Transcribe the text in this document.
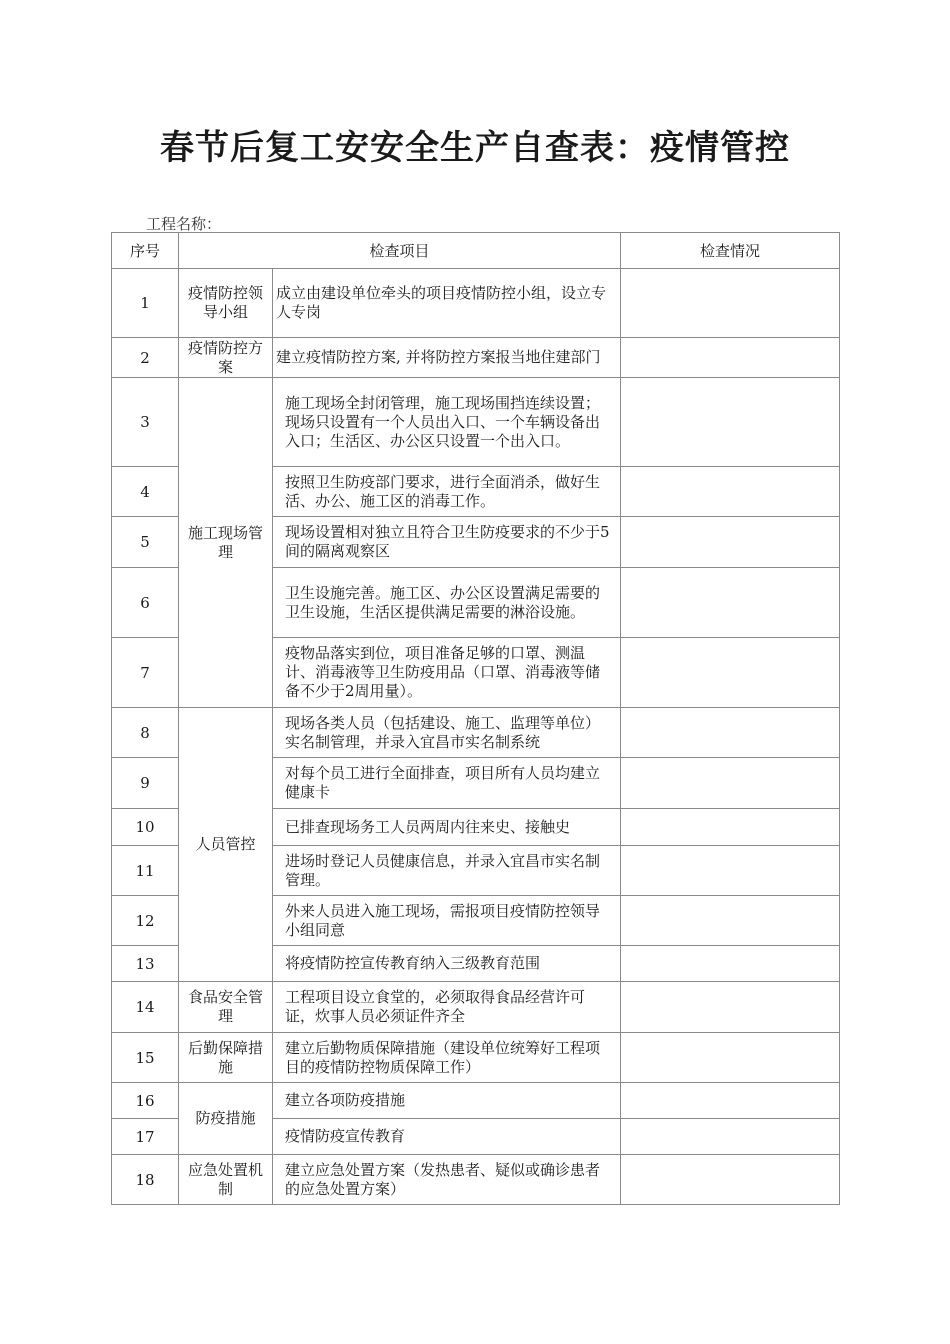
春节后复工安安全生产自查表：疫情管控
工程名称：
序号	检查项目		检查情况
1	疫情防控领导小组	成立由建设单位牵头的项目疫情防控小组，设立专人专岗	
2	疫情防控方案	建立疫情防控方案, 并将防控方案报当地住建部门	
3	施工现场管理	施工现场全封闭管理，施工现场围挡连续设置；现场只设置有一个人员出入口、一个车辆设备出入口；生活区、办公区只设置一个出入口。	
4		按照卫生防疫部门要求，进行全面消杀，做好生活、办公、施工区的消毒工作。	
5		现场设置相对独立且符合卫生防疫要求的不少于5间的隔离观察区	
6		卫生设施完善。施工区、办公区设置满足需要的卫生设施，生活区提供满足需要的淋浴设施。	
7		疫物品落实到位，项目准备足够的口罩、测温计、消毒液等卫生防疫用品（口罩、消毒液等储备不少于2周用量）。	
8	人员管控	现场各类人员（包括建设、施工、监理等单位）实名制管理，并录入宜昌市实名制系统	
9		对每个员工进行全面排查，项目所有人员均建立健康卡	
10		已排查现场务工人员两周内往来史、接触史	
11		进场时登记人员健康信息，并录入宜昌市实名制管理。	
12		外来人员进入施工现场，需报项目疫情防控领导小组同意	
13		将疫情防控宣传教育纳入三级教育范围	
14	食品安全管理	工程项目设立食堂的，必须取得食品经营许可证，炊事人员必须证件齐全	
15	后勤保障措施	建立后勤物质保障措施（建设单位统筹好工程项目的疫情防控物质保障工作）	
16	防疫措施	建立各项防疫措施	
17		疫情防疫宣传教育	
18	应急处置机制	建立应急处置方案（发热患者、疑似或确诊患者的应急处置方案）	
